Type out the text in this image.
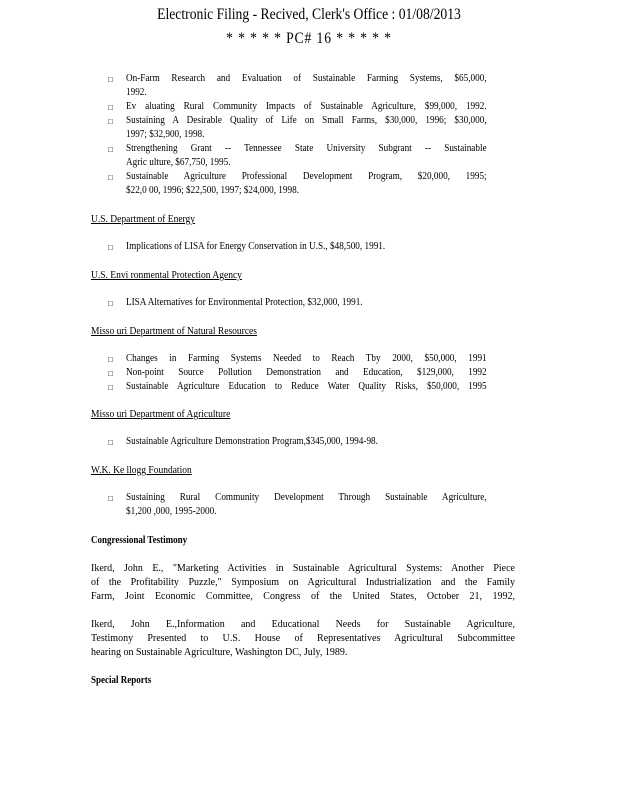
Electronic Filing - Recived, Clerk's Office : 01/08/2013
* * * * * PC# 16 * * * * *
□	On-Farm Research and Evaluation of Sustainable Farming Systems, $65,000,
1992.
□	Ev aluating Rural Community Impacts of Sustainable Agriculture, $99,000, 1992.
□	Sustaining A Desirable Quality of Life on Small Farms, $30,000, 1996; $30,000,
1997; $32,900, 1998.
□	Strengthening Grant -- Tennessee State University Subgrant -- Sustainable
Agric ulture, $67,750, 1995.
□	Sustainable Agriculture Professional Development Program, $20,000, 1995;
$22,0 00, 1996; $22,500, 1997; $24,000, 1998.
U.S. Department of Energy
□	Implications of LISA for Energy Conservation in U.S., $48,500, 1991.
U.S. Envi ronmental Protection Agency
□	LISA Alternatives for Environmental Protection, $32,000, 1991.
Misso uri Department of Natural Resources
□	Changes in Farming Systems Needed to Reach Tby 2000, $50,000, 1991
□	Non-point Source Pollution Demonstration and Education, $129,000, 1992
□	Sustainable Agriculture Education to Reduce Water Quality Risks, $50,000, 1995
Misso uri Department of Agriculture
□	Sustainable Agriculture Demonstration Program,$345,000, 1994-98.
W.K. Ke llogg Foundation
□	Sustaining Rural Community Development Through Sustainable Agriculture,
$1,200 ,000, 1995-2000.
Congressional Testimony
Ikerd, John E., "Marketing Activities in Sustainable Agricultural Systems: Another Piece
of the Profitability Puzzle," Symposium on Agricultural Industrialization and the Family
Farm, Joint Economic Committee, Congress of the United States, October 21, 1992,
Ikerd, John E.,Information and Educational Needs for Sustainable Agriculture,
Testimony Presented to U.S. House of Representatives Agricultural Subcommittee
hearing on Sustainable Agriculture, Washington DC, July, 1989.
Special Reports
